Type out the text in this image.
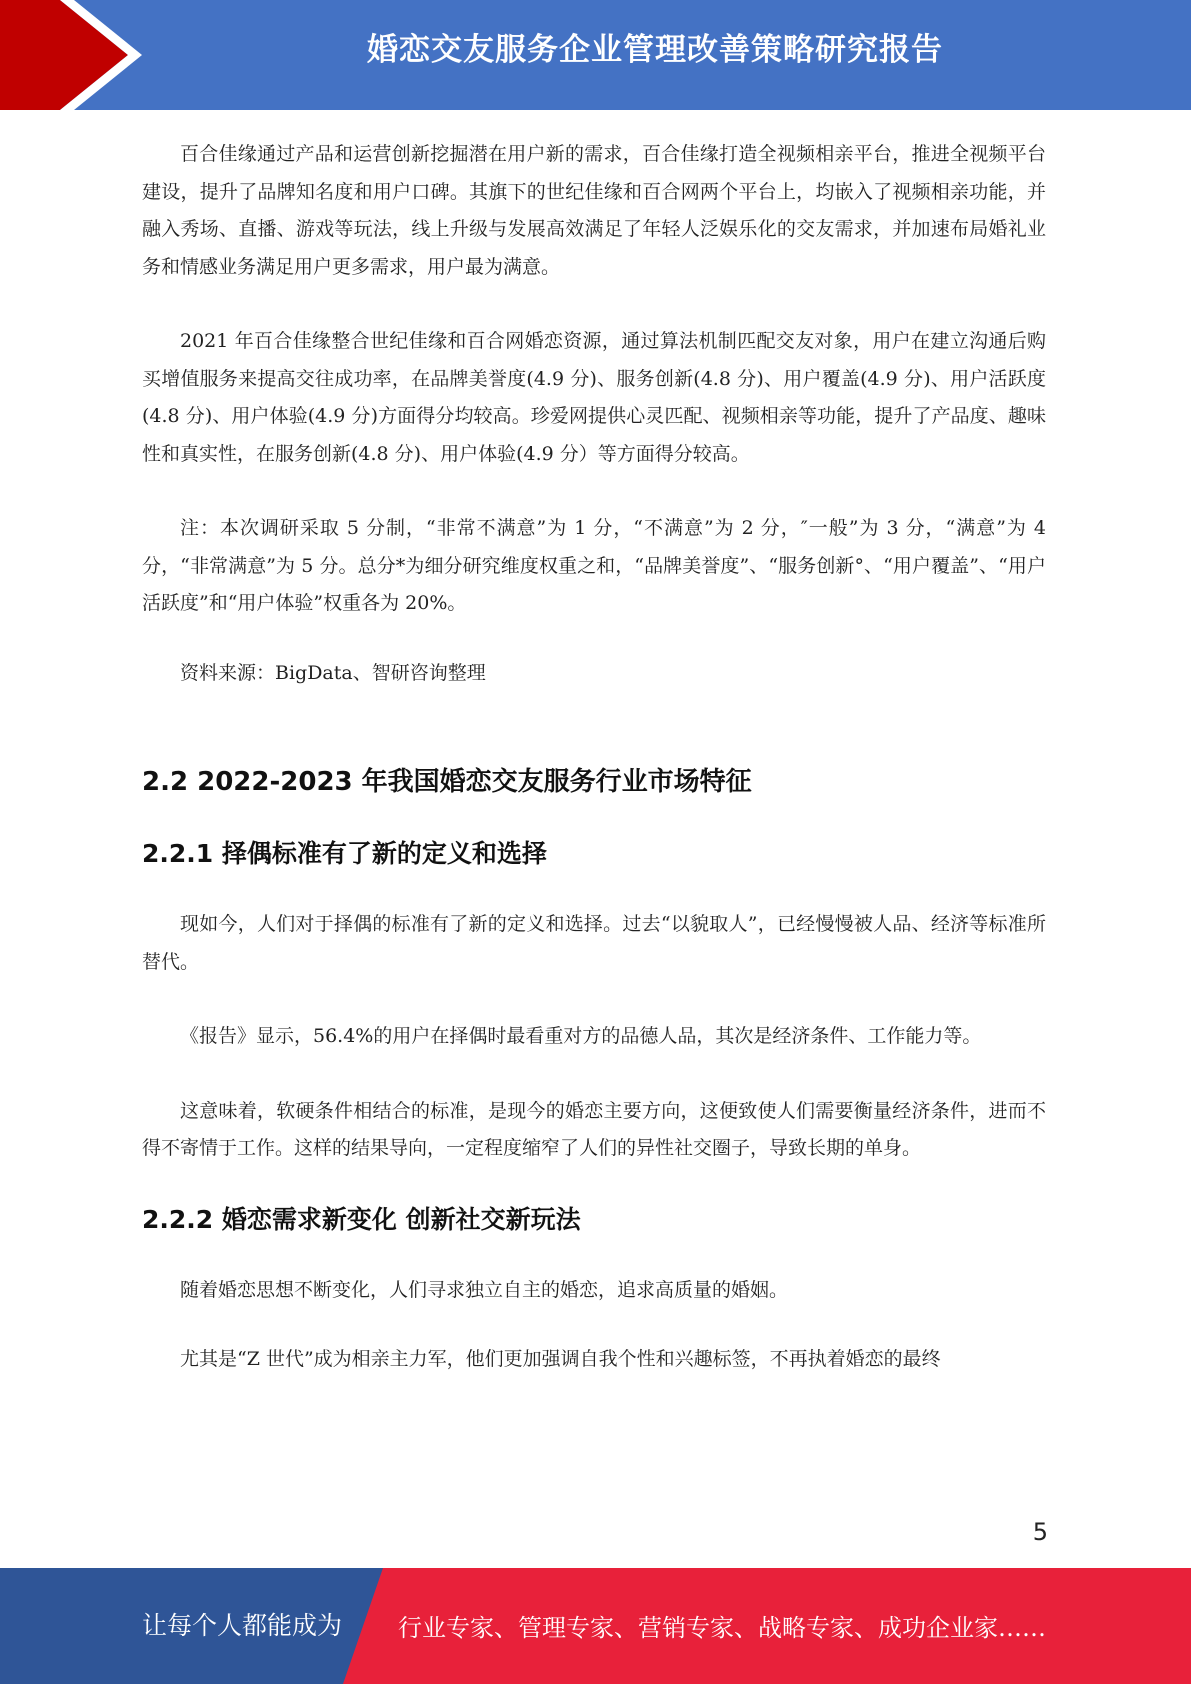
婚恋交友服务企业管理改善策略研究报告

百合佳缘通过产品和运营创新挖掘潜在用户新的需求，百合佳缘打造全视频相亲平台，推进全视频平台建设，提升了品牌知名度和用户口碑。其旗下的世纪佳缘和百合网两个平台上，均嵌入了视频相亲功能，并融入秀场、直播、游戏等玩法，线上升级与发展高效满足了年轻人泛娱乐化的交友需求，并加速布局婚礼业务和情感业务满足用户更多需求，用户最为满意。

2021 年百合佳缘整合世纪佳缘和百合网婚恋资源，通过算法机制匹配交友对象，用户在建立沟通后购买增值服务来提高交往成功率，在品牌美誉度(4.9 分)、服务创新(4.8 分)、用户覆盖(4.9 分)、用户活跃度(4.8 分)、用户体验(4.9 分)方面得分均较高。珍爱网提供心灵匹配、视频相亲等功能，提升了产品度、趣味性和真实性，在服务创新(4.8 分)、用户体验(4.9 分）等方面得分较高。

注：本次调研采取 5 分制，“非常不满意”为 1 分，“不满意”为 2 分，″一般”为 3 分，“满意”为 4 分，“非常满意”为 5 分。总分*为细分研究维度权重之和，“品牌美誉度”、“服务创新°、“用户覆盖”、“用户活跃度”和“用户体验”权重各为 20%。

资料来源：BigData、智研咨询整理

2.2 2022-2023 年我国婚恋交友服务行业市场特征
2.2.1 择偶标准有了新的定义和选择

现如今，人们对于择偶的标准有了新的定义和选择。过去“以貌取人”，已经慢慢被人品、经济等标准所替代。

《报告》显示，56.4%的用户在择偶时最看重对方的品德人品，其次是经济条件、工作能力等。

这意味着，软硬条件相结合的标准，是现今的婚恋主要方向，这便致使人们需要衡量经济条件，进而不得不寄情于工作。这样的结果导向，一定程度缩窄了人们的异性社交圈子，导致长期的单身。

2.2.2 婚恋需求新变化 创新社交新玩法

随着婚恋思想不断变化，人们寻求独立自主的婚恋，追求高质量的婚姻。

尤其是“Z 世代”成为相亲主力军，他们更加强调自我个性和兴趣标签，不再执着婚恋的最终

5
让每个人都能成为 行业专家、管理专家、营销专家、战略专家、成功企业家……
